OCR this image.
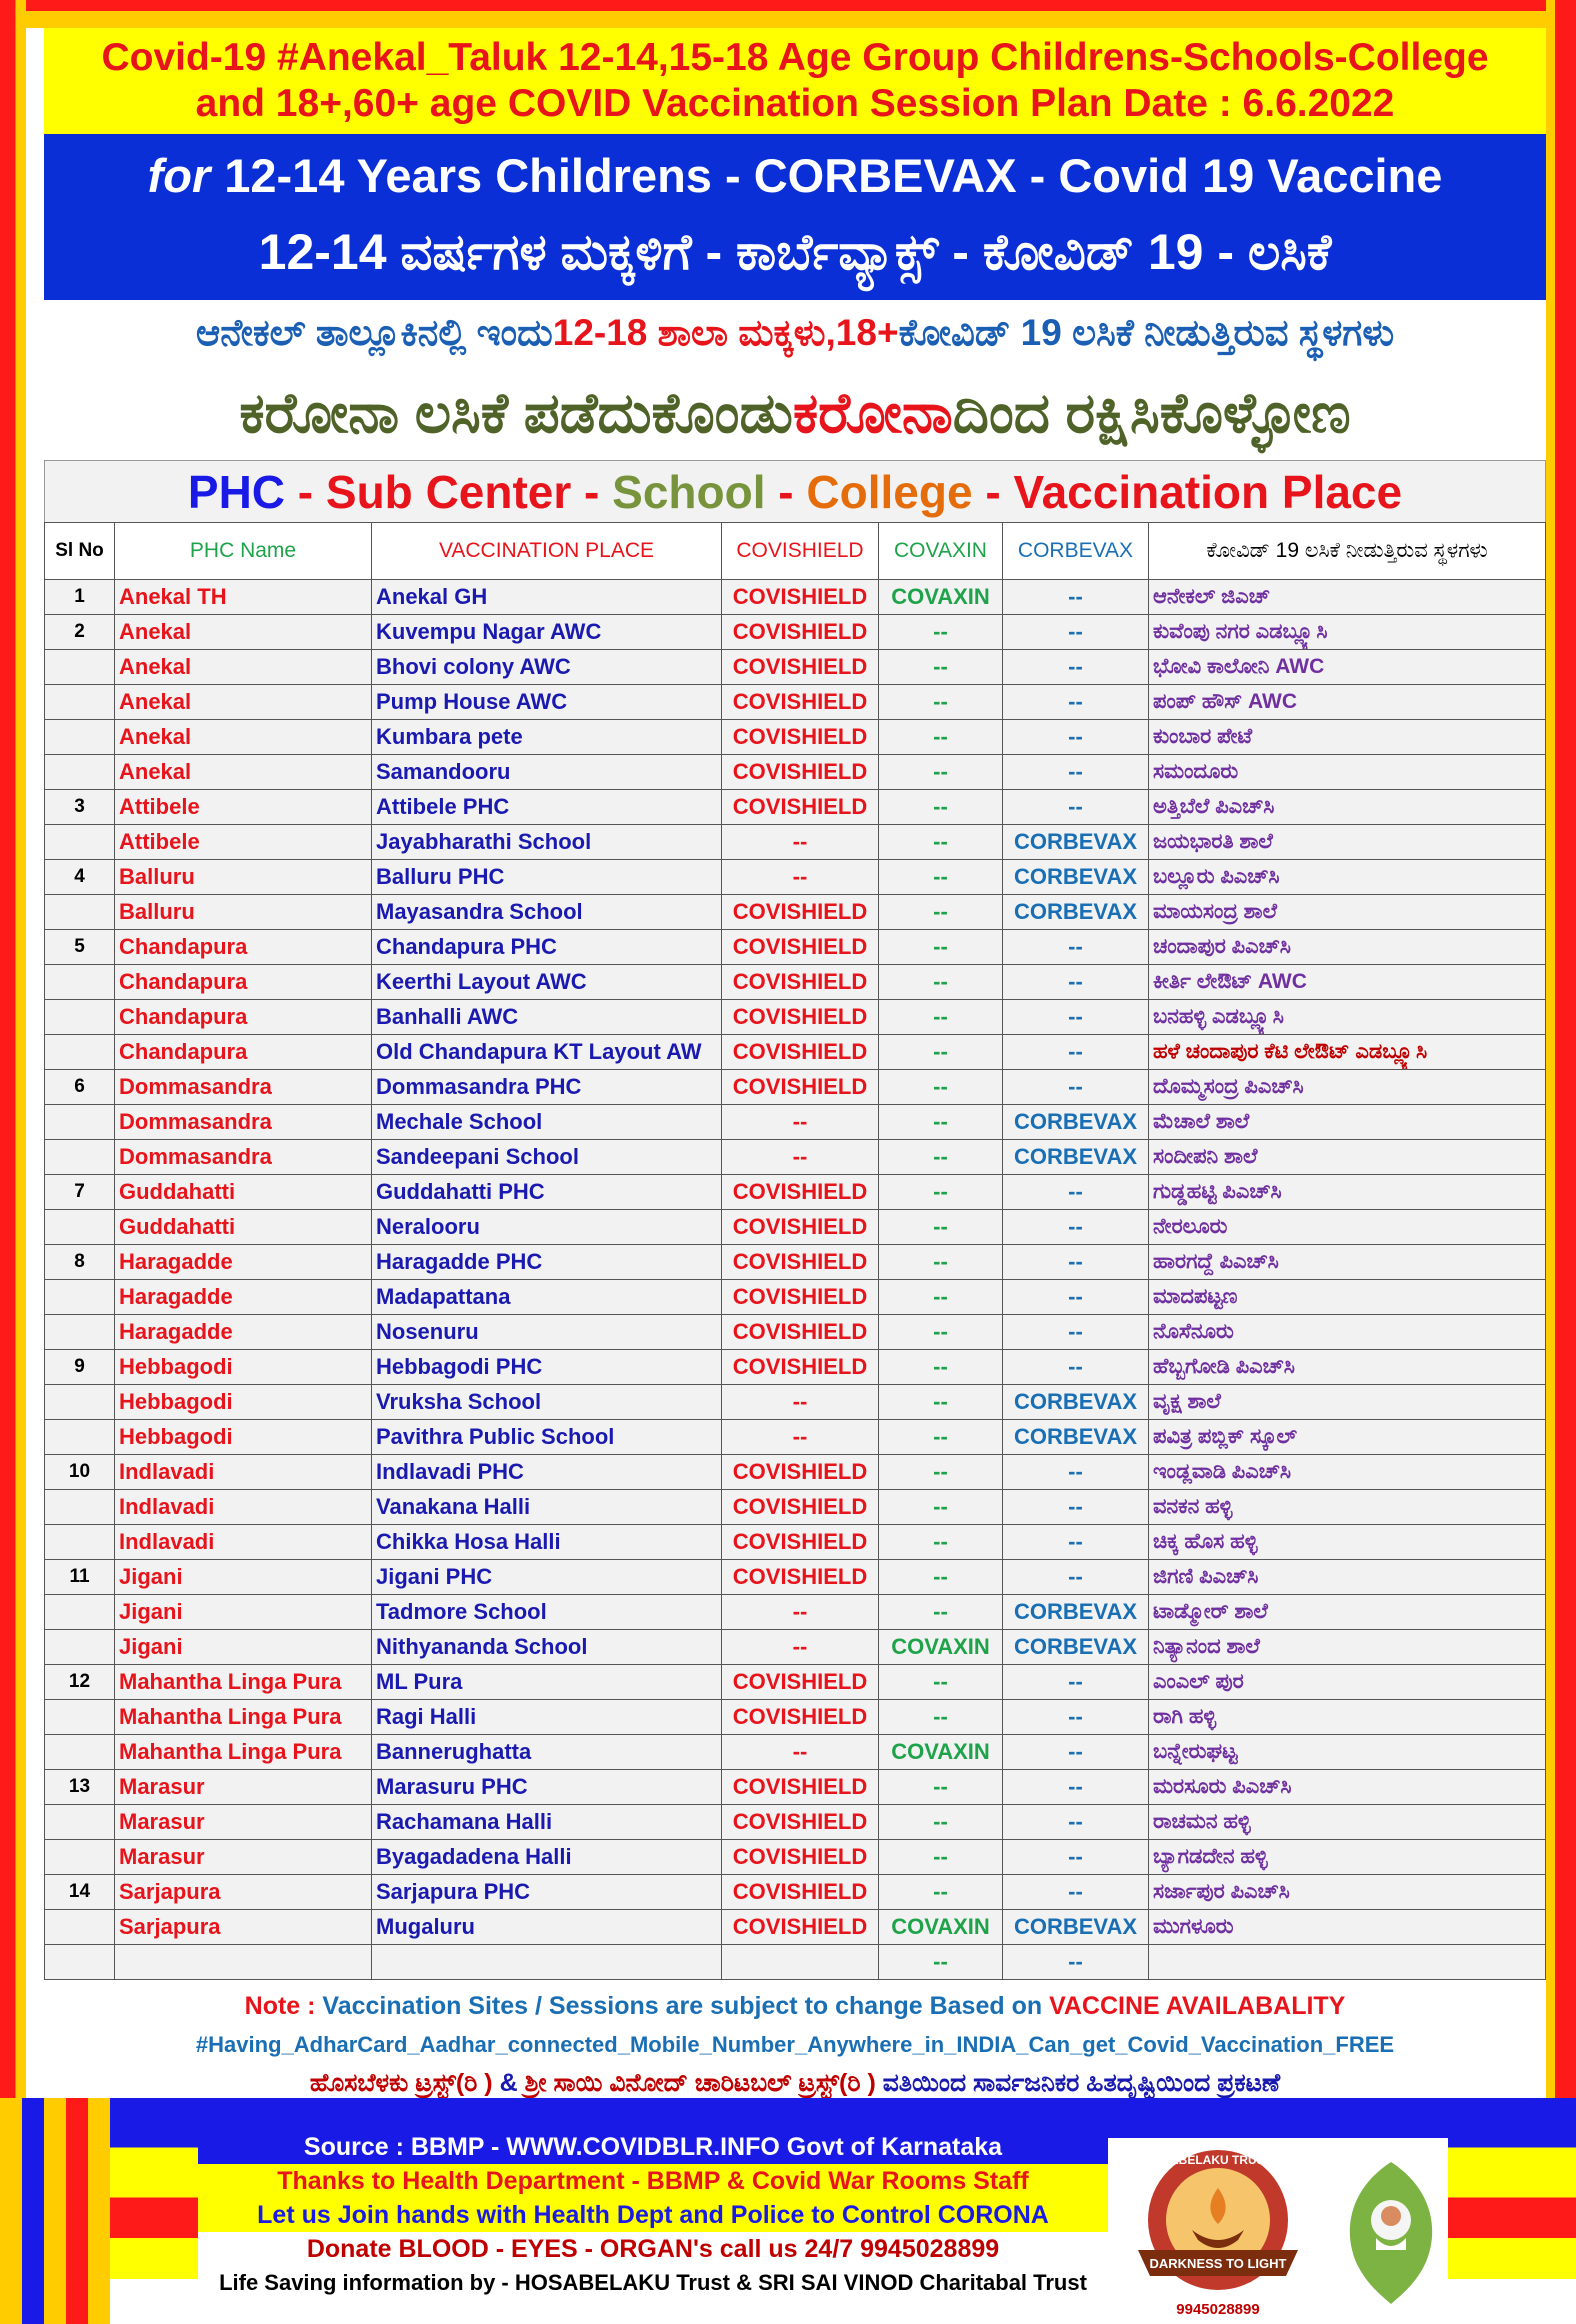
Covid-19 #Anekal_Taluk 12-14,15-18 Age Group Childrens-Schools-College
and 18+,60+ age COVID Vaccination Session Plan Date : 6.6.2022
for 12-14 Years Childrens - CORBEVAX - Covid 19 Vaccine
12-14 ವರ್ಷಗಳ ಮಕ್ಕಳಿಗೆ - ಕಾರ್ಬೆವ್ಯಾಕ್ಸ್ - ಕೋವಿಡ್ 19 - ಲಸಿಕೆ
ಆನೇಕಲ್ ತಾಲ್ಲೂಕಿನಲ್ಲಿ ಇಂದು 12-18 ಶಾಲಾ ಮಕ್ಕಳು,18+ ಕೋವಿಡ್ 19 ಲಸಿಕೆ ನೀಡುತ್ತಿರುವ ಸ್ಥಳಗಳು
ಕರೋನಾ ಲಸಿಕೆ ಪಡೆದುಕೊಂಡು ಕರೋನಾ ದಿಂದ ರಕ್ಷಿಸಿಕೊಳ್ಳೋಣ
PHC - Sub Center - School - College - Vaccination Place
Sl No	PHC Name	VACCINATION PLACE	COVISHIELD	COVAXIN	CORBEVAX	ಕೋವಿಡ್ 19 ಲಸಿಕೆ ನೀಡುತ್ತಿರುವ ಸ್ಥಳಗಳು
1	Anekal TH	Anekal GH	COVISHIELD	COVAXIN	--	ಆನೇಕಲ್ ಜಿಎಚ್
2	Anekal	Kuvempu Nagar AWC	COVISHIELD	--	--	ಕುವೆಂಪು ನಗರ ಎಡಬ್ಲ್ಯೂಸಿ
	Anekal	Bhovi colony AWC	COVISHIELD	--	--	ಭೋವಿ ಕಾಲೋನಿ AWC
	Anekal	Pump House AWC	COVISHIELD	--	--	ಪಂಪ್ ಹೌಸ್ AWC
	Anekal	Kumbara pete	COVISHIELD	--	--	ಕುಂಬಾರ ಪೇಟೆ
	Anekal	Samandooru	COVISHIELD	--	--	ಸಮಂದೂರು
3	Attibele	Attibele PHC	COVISHIELD	--	--	ಅತ್ತಿಬೆಲೆ ಪಿಎಚ್‌ಸಿ
	Attibele	Jayabharathi School	--	--	CORBEVAX	ಜಯಭಾರತಿ ಶಾಲೆ
4	Balluru	Balluru PHC	--	--	CORBEVAX	ಬಲ್ಲೂರು ಪಿಎಚ್‌ಸಿ
	Balluru	Mayasandra School	COVISHIELD	--	CORBEVAX	ಮಾಯಸಂದ್ರ ಶಾಲೆ
5	Chandapura	Chandapura PHC	COVISHIELD	--	--	ಚಂದಾಪುರ ಪಿಎಚ್‌ಸಿ
	Chandapura	Keerthi Layout AWC	COVISHIELD	--	--	ಕೀರ್ತಿ ಲೇಔಟ್ AWC
	Chandapura	Banhalli AWC	COVISHIELD	--	--	ಬನಹಳ್ಳಿ ಎಡಬ್ಲ್ಯೂಸಿ
	Chandapura	Old Chandapura KT Layout AW	COVISHIELD	--	--	ಹಳೆ ಚಂದಾಪುರ ಕೆಟಿ ಲೇಔಟ್ ಎಡಬ್ಲ್ಯೂಸಿ
6	Dommasandra	Dommasandra PHC	COVISHIELD	--	--	ದೊಮ್ಮಸಂದ್ರ ಪಿಎಚ್‌ಸಿ
	Dommasandra	Mechale School	--	--	CORBEVAX	ಮೆಚಾಲೆ ಶಾಲೆ
	Dommasandra	Sandeepani School	--	--	CORBEVAX	ಸಂದೀಪನಿ ಶಾಲೆ
7	Guddahatti	Guddahatti PHC	COVISHIELD	--	--	ಗುಡ್ಡಹಟ್ಟಿ ಪಿಎಚ್‌ಸಿ
	Guddahatti	Neralooru	COVISHIELD	--	--	ನೇರಲೂರು
8	Haragadde	Haragadde PHC	COVISHIELD	--	--	ಹಾರಗದ್ದೆ ಪಿಎಚ್‌ಸಿ
	Haragadde	Madapattana	COVISHIELD	--	--	ಮಾದಪಟ್ಟಣ
	Haragadde	Nosenuru	COVISHIELD	--	--	ನೊಸೆನೂರು
9	Hebbagodi	Hebbagodi PHC	COVISHIELD	--	--	ಹೆಬ್ಬಗೋಡಿ ಪಿಎಚ್‌ಸಿ
	Hebbagodi	Vruksha School	--	--	CORBEVAX	ವೃಕ್ಷ ಶಾಲೆ
	Hebbagodi	Pavithra Public School	--	--	CORBEVAX	ಪವಿತ್ರ ಪಬ್ಲಿಕ್ ಸ್ಕೂಲ್
10	Indlavadi	Indlavadi PHC	COVISHIELD	--	--	ಇಂಡ್ಲವಾಡಿ ಪಿಎಚ್‌ಸಿ
	Indlavadi	Vanakana Halli	COVISHIELD	--	--	ವನಕನ ಹಳ್ಳಿ
	Indlavadi	Chikka Hosa Halli	COVISHIELD	--	--	ಚಿಕ್ಕ ಹೊಸ ಹಳ್ಳಿ
11	Jigani	Jigani PHC	COVISHIELD	--	--	ಜಿಗಣಿ ಪಿಎಚ್‌ಸಿ
	Jigani	Tadmore School	--	--	CORBEVAX	ಟಾಡ್ಮೋರ್ ಶಾಲೆ
	Jigani	Nithyananda School	--	COVAXIN	CORBEVAX	ನಿತ್ಯಾನಂದ ಶಾಲೆ
12	Mahantha Linga Pura	ML Pura	COVISHIELD	--	--	ಎಂಎಲ್ ಪುರ
	Mahantha Linga Pura	Ragi Halli	COVISHIELD	--	--	ರಾಗಿ ಹಳ್ಳಿ
	Mahantha Linga Pura	Bannerughatta	--	COVAXIN	--	ಬನ್ನೇರುಘಟ್ಟ
13	Marasur	Marasuru PHC	COVISHIELD	--	--	ಮರಸೂರು ಪಿಎಚ್‌ಸಿ
	Marasur	Rachamana Halli	COVISHIELD	--	--	ರಾಚಮನ ಹಳ್ಳಿ
	Marasur	Byagadadena Halli	COVISHIELD	--	--	ಬ್ಯಾಗಡದೇನ ಹಳ್ಳಿ
14	Sarjapura	Sarjapura PHC	COVISHIELD	--	--	ಸರ್ಜಾಪುರ ಪಿಎಚ್‌ಸಿ
	Sarjapura	Mugaluru	COVISHIELD	COVAXIN	CORBEVAX	ಮುಗಳೂರು
				--	--	
Note : Vaccination Sites / Sessions are subject to change Based on VACCINE AVAILABALITY
#Having_AdharCard_Aadhar_connected_Mobile_Number_Anywhere_in_INDIA_Can_get_Covid_Vaccination_FREE
ಹೊಸಬೆಳಕು ಟ್ರಸ್ಟ್(ರಿ ) & ಶ್ರೀ ಸಾಯಿ ವಿನೋದ್ ಚಾರಿಟಬಲ್ ಟ್ರಸ್ಟ್(ರಿ ) ವತಿಯಿಂದ ಸಾರ್ವಜನಿಕರ ಹಿತದೃಷ್ಟಿಯಿಂದ ಪ್ರಕಟಣೆ
Source : BBMP - WWW.COVIDBLR.INFO Govt of Karnataka
Thanks to Health Department - BBMP & Covid War Rooms Staff
Let us Join hands with Health Dept and Police to Control CORONA
Donate BLOOD - EYES - ORGAN's call us 24/7 9945028899
Life Saving information by - HOSABELAKU Trust & SRI SAI VINOD Charitabal Trust
DARKNESS TO LIGHT
HOSABELAKU TRUST (R)
9945028899
